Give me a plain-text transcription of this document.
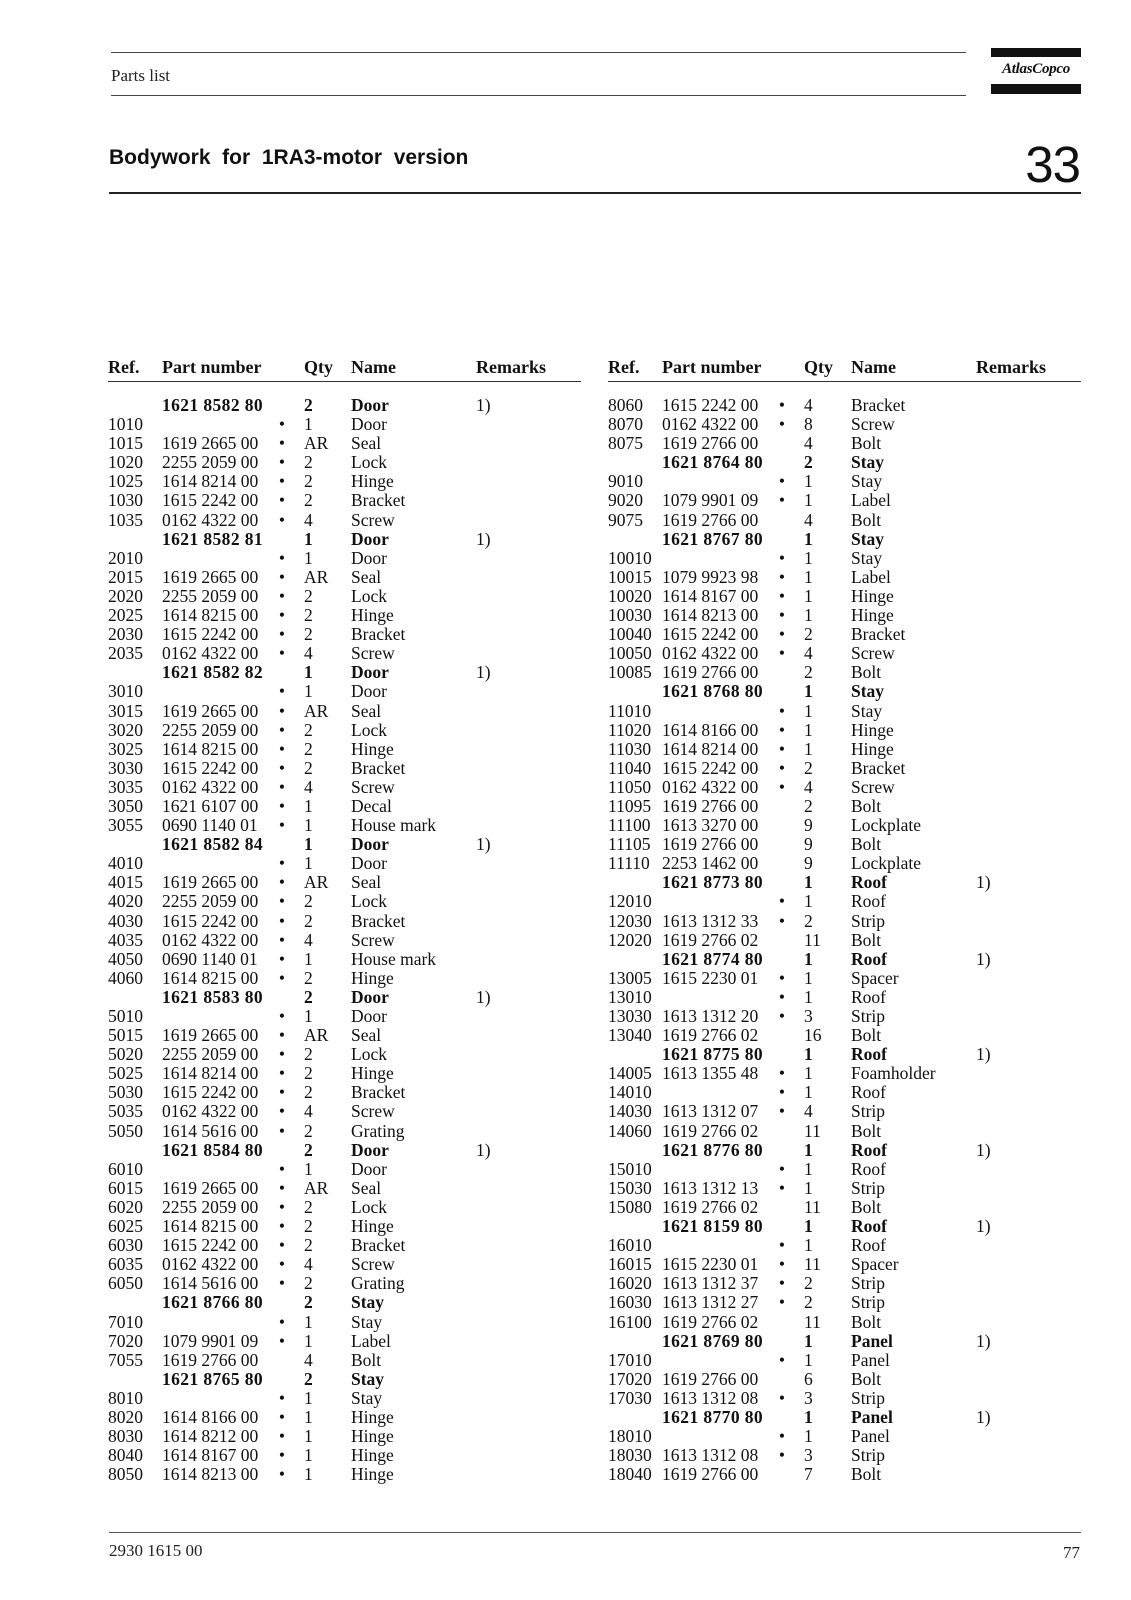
Parts list	AtlasCopco
Bodywork  for  1RA3-motor  version	33
Ref. Part number Qty Name	Remarks
1621 8582 80 2 Door	1)
1010	• 1 Door
1015 1619 2665 00 • AR Seal
1020 2255 2059 00 • 2 Lock
1025 1614 8214 00 • 2 Hinge
1030 1615 2242 00 • 2 Bracket
1035 0162 4322 00 • 4 Screw
1621 8582 81 1 Door	1)
2010	• 1 Door
2015 1619 2665 00 • AR Seal
2020 2255 2059 00 • 2 Lock
2025 1614 8215 00 • 2 Hinge
2030 1615 2242 00 • 2 Bracket
2035 0162 4322 00 • 4 Screw
1621 8582 82 1 Door	1)
3010	• 1 Door
3015 1619 2665 00 • AR Seal
3020 2255 2059 00 • 2 Lock
3025 1614 8215 00 • 2 Hinge
3030 1615 2242 00 • 2 Bracket
3035 0162 4322 00 • 4 Screw
3050 1621 6107 00 • 1 Decal
3055 0690 1140 01 • 1 House mark
1621 8582 84 1 Door	1)
4010	• 1 Door
4015 1619 2665 00 • AR Seal
4020 2255 2059 00 • 2 Lock
4030 1615 2242 00 • 2 Bracket
4035 0162 4322 00 • 4 Screw
4050 0690 1140 01 • 1 House mark
4060 1614 8215 00 • 2 Hinge
1621 8583 80 2 Door	1)
5010	• 1 Door
5015 1619 2665 00 • AR Seal
5020 2255 2059 00 • 2 Lock
5025 1614 8214 00 • 2 Hinge
5030 1615 2242 00 • 2 Bracket
5035 0162 4322 00 • 4 Screw
5050 1614 5616 00 • 2 Grating
1621 8584 80 2 Door	1)
6010	• 1 Door
6015 1619 2665 00 • AR Seal
6020 2255 2059 00 • 2 Lock
6025 1614 8215 00 • 2 Hinge
6030 1615 2242 00 • 2 Bracket
6035 0162 4322 00 • 4 Screw
6050 1614 5616 00 • 2 Grating
1621 8766 80 2 Stay
7010	• 1 Stay
7020 1079 9901 09 • 1 Label
7055 1619 2766 00	4 Bolt
1621 8765 80 2 Stay
8010	• 1 Stay
8020 1614 8166 00 • 1 Hinge
8030 1614 8212 00 • 1 Hinge
8040 1614 8167 00 • 1 Hinge
8050 1614 8213 00 • 1 Hinge
Ref. Part number Qty Name	Remarks
8060 1615 2242 00 • 4 Bracket
8070 0162 4322 00 • 8 Screw
8075 1619 2766 00	4 Bolt
1621 8764 80 2 Stay
9010	• 1 Stay
9020 1079 9901 09 • 1 Label
9075 1619 2766 00	4 Bolt
1621 8767 80 1 Stay
10010	• 1 Stay
10015 1079 9923 98 • 1 Label
10020 1614 8167 00 • 1 Hinge
10030 1614 8213 00 • 1 Hinge
10040 1615 2242 00 • 2 Bracket
10050 0162 4322 00 • 4 Screw
10085 1619 2766 00	2 Bolt
1621 8768 80 1 Stay
11010	• 1 Stay
11020 1614 8166 00 • 1 Hinge
11030 1614 8214 00 • 1 Hinge
11040 1615 2242 00 • 2 Bracket
11050 0162 4322 00 • 4 Screw
11095 1619 2766 00	2 Bolt
11100 1613 3270 00	9 Lockplate
11105 1619 2766 00	9 Bolt
11110 2253 1462 00	9 Lockplate
1621 8773 80 1 Roof	1)
12010	• 1 Roof
12030 1613 1312 33 • 2 Strip
12020 1619 2766 02	11 Bolt
1621 8774 80 1 Roof	1)
13005 1615 2230 01 • 1 Spacer
13010	• 1 Roof
13030 1613 1312 20 • 3 Strip
13040 1619 2766 02	16 Bolt
1621 8775 80 1 Roof	1)
14005 1613 1355 48 • 1 Foamholder
14010	• 1 Roof
14030 1613 1312 07 • 4 Strip
14060 1619 2766 02	11 Bolt
1621 8776 80 1 Roof	1)
15010	• 1 Roof
15030 1613 1312 13 • 1 Strip
15080 1619 2766 02	11 Bolt
1621 8159 80 1 Roof	1)
16010	• 1 Roof
16015 1615 2230 01 • 11 Spacer
16020 1613 1312 37 • 2 Strip
16030 1613 1312 27 • 2 Strip
16100 1619 2766 02	11 Bolt
1621 8769 80 1 Panel	1)
17010	• 1 Panel
17020 1619 2766 00	6 Bolt
17030 1613 1312 08 • 3 Strip
1621 8770 80 1 Panel	1)
18010	• 1 Panel
18030 1613 1312 08 • 3 Strip
18040 1619 2766 00	7 Bolt
2930 1615 00	77
